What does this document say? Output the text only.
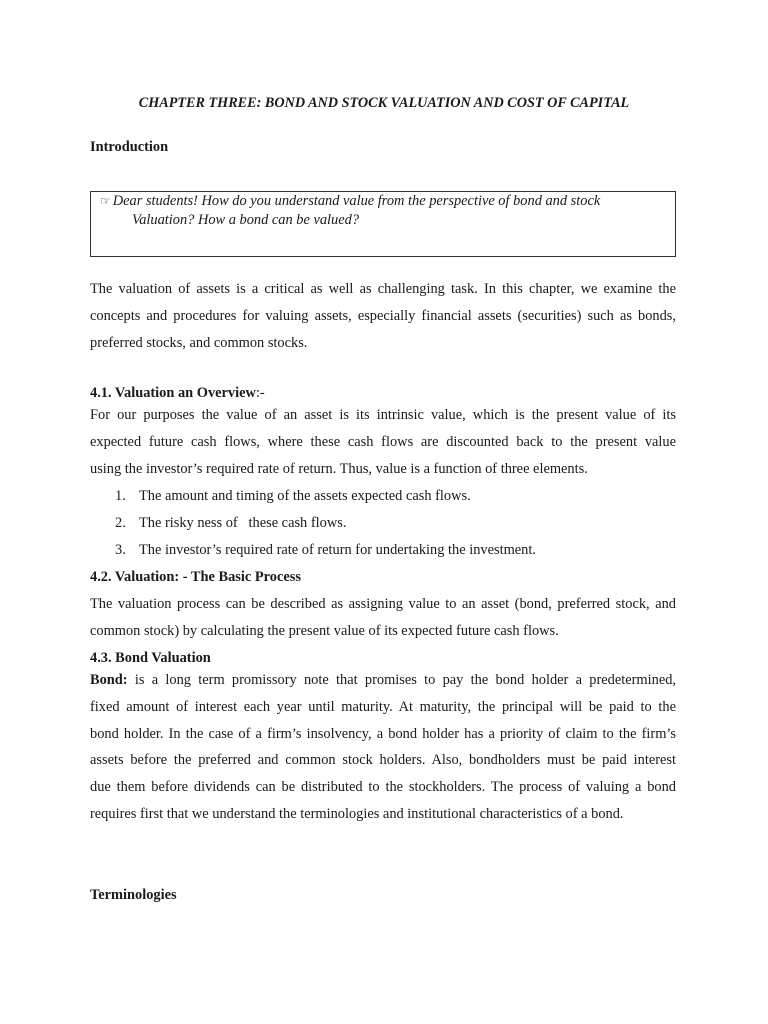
CHAPTER THREE: BOND AND STOCK VALUATION AND COST OF CAPITAL
Introduction
☞ Dear students! How do you understand value from the perspective of bond and stock
Valuation? How a bond can be valued?
The valuation of assets is a critical as well as challenging task. In this chapter, we examine the
concepts and procedures for valuing assets, especially financial assets (securities) such as bonds,
preferred stocks, and common stocks.
4.1. Valuation an Overview:-
For our purposes the value of an asset is its intrinsic value, which is the present value of its
expected future cash flows, where these cash flows are discounted back to the present value
using the investor’s required rate of return. Thus, value is a function of three elements.
1. The amount and timing of the assets expected cash flows.
2. The risky ness of   these cash flows.
3. The investor’s required rate of return for undertaking the investment.
4.2. Valuation: - The Basic Process
The valuation process can be described as assigning value to an asset (bond, preferred stock, and
common stock) by calculating the present value of its expected future cash flows.
4.3. Bond Valuation
Bond: is a long term promissory note that promises to pay the bond holder a predetermined,
fixed amount of interest each year until maturity. At maturity, the principal will be paid to the
bond holder. In the case of a firm’s insolvency, a bond holder has a priority of claim to the firm’s
assets before the preferred and common stock holders. Also, bondholders must be paid interest
due them before dividends can be distributed to the stockholders. The process of valuing a bond
requires first that we understand the terminologies and institutional characteristics of a bond.
Terminologies
